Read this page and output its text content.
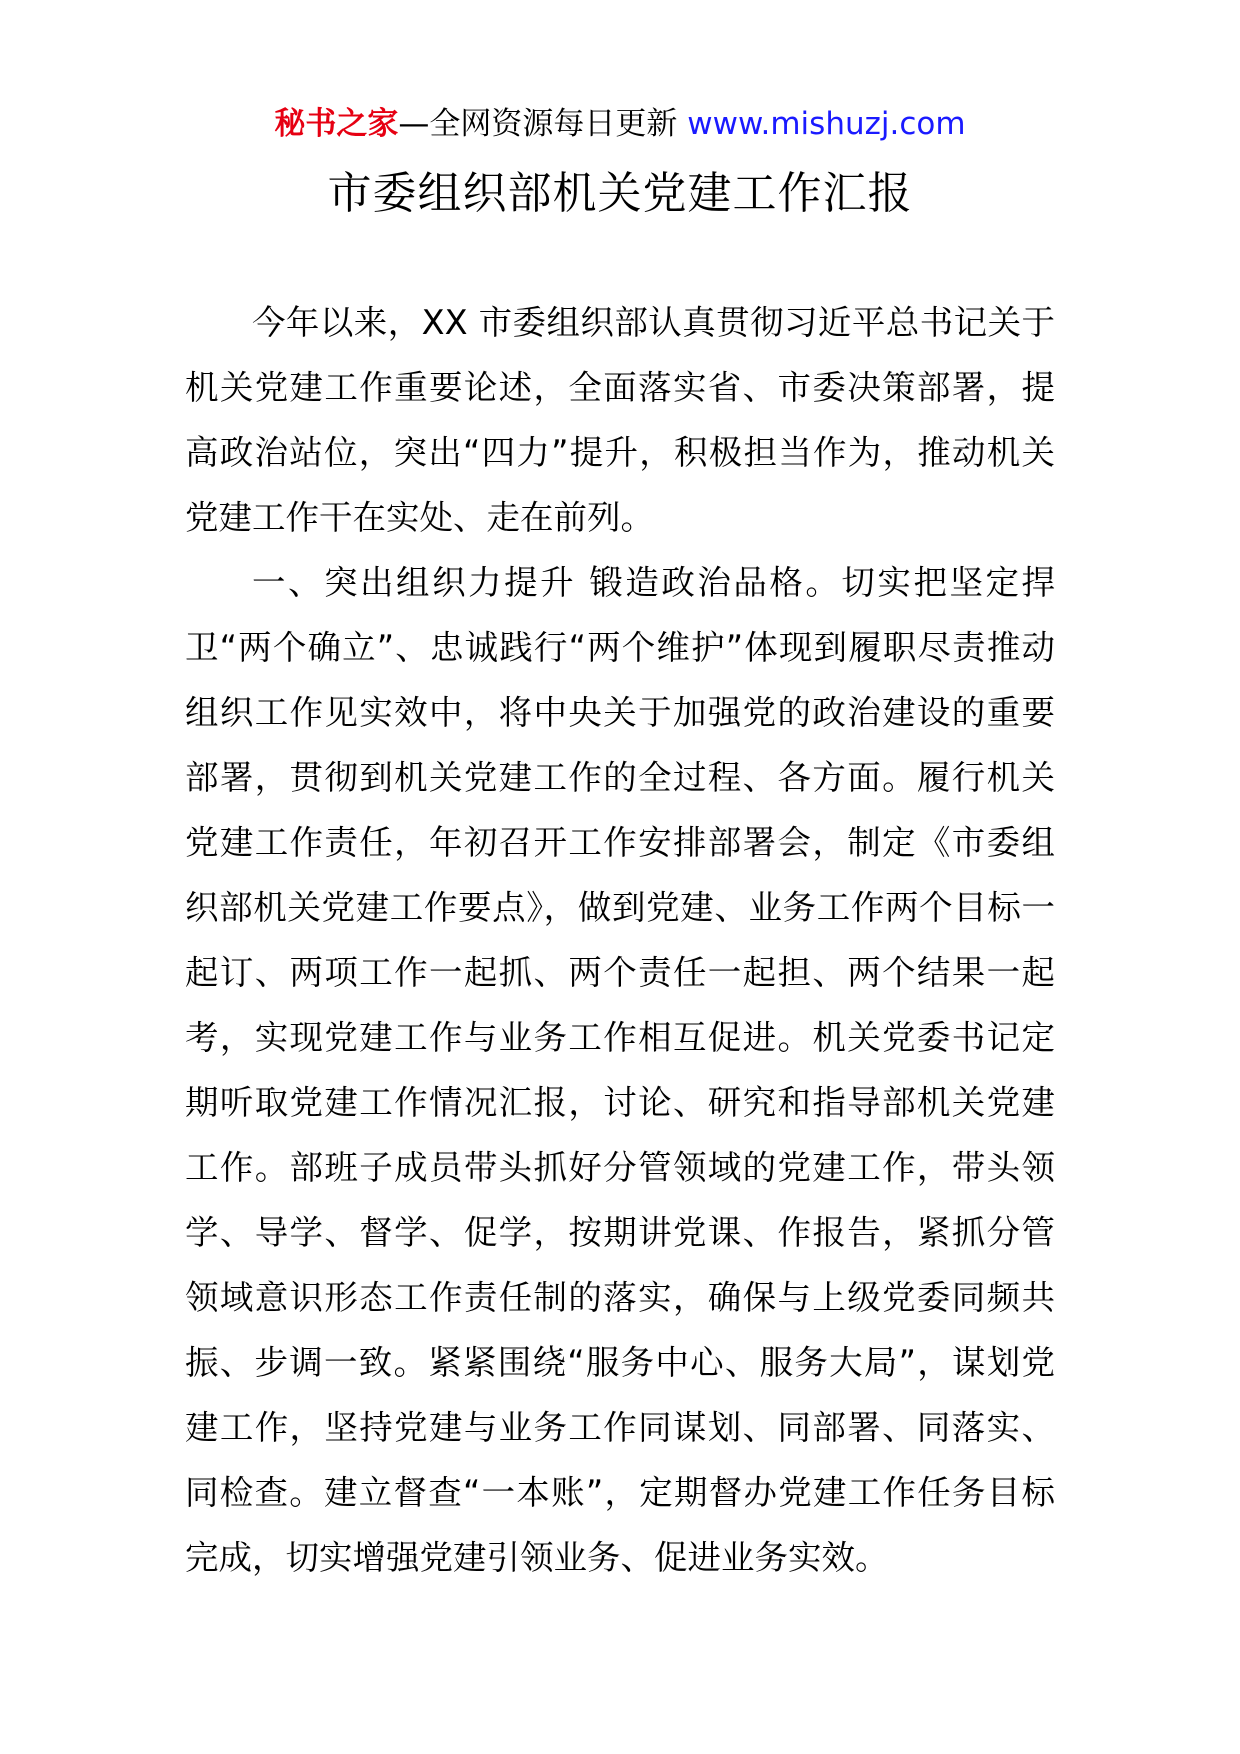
秘书之家—全网资源每日更新 www.mishuzj.com
市委组织部机关党建工作汇报

今年以来，XX 市委组织部认真贯彻习近平总书记关于机关党建工作重要论述，全面落实省、市委决策部署，提高政治站位，突出“四力”提升，积极担当作为，推动机关党建工作干在实处、走在前列。

一、突出组织力提升 锻造政治品格。切实把坚定捍卫“两个确立”、忠诚践行“两个维护”体现到履职尽责推动组织工作见实效中，将中央关于加强党的政治建设的重要部署，贯彻到机关党建工作的全过程、各方面。履行机关党建工作责任，年初召开工作安排部署会，制定《市委组织部机关党建工作要点》，做到党建、业务工作两个目标一起订、两项工作一起抓、两个责任一起担、两个结果一起考，实现党建工作与业务工作相互促进。机关党委书记定期听取党建工作情况汇报，讨论、研究和指导部机关党建工作。部班子成员带头抓好分管领域的党建工作，带头领学、导学、督学、促学，按期讲党课、作报告，紧抓分管领域意识形态工作责任制的落实，确保与上级党委同频共振、步调一致。紧紧围绕“服务中心、服务大局”，谋划党建工作，坚持党建与业务工作同谋划、同部署、同落实、同检查。建立督查“一本账”，定期督办党建工作任务目标完成，切实增强党建引领业务、促进业务实效。
